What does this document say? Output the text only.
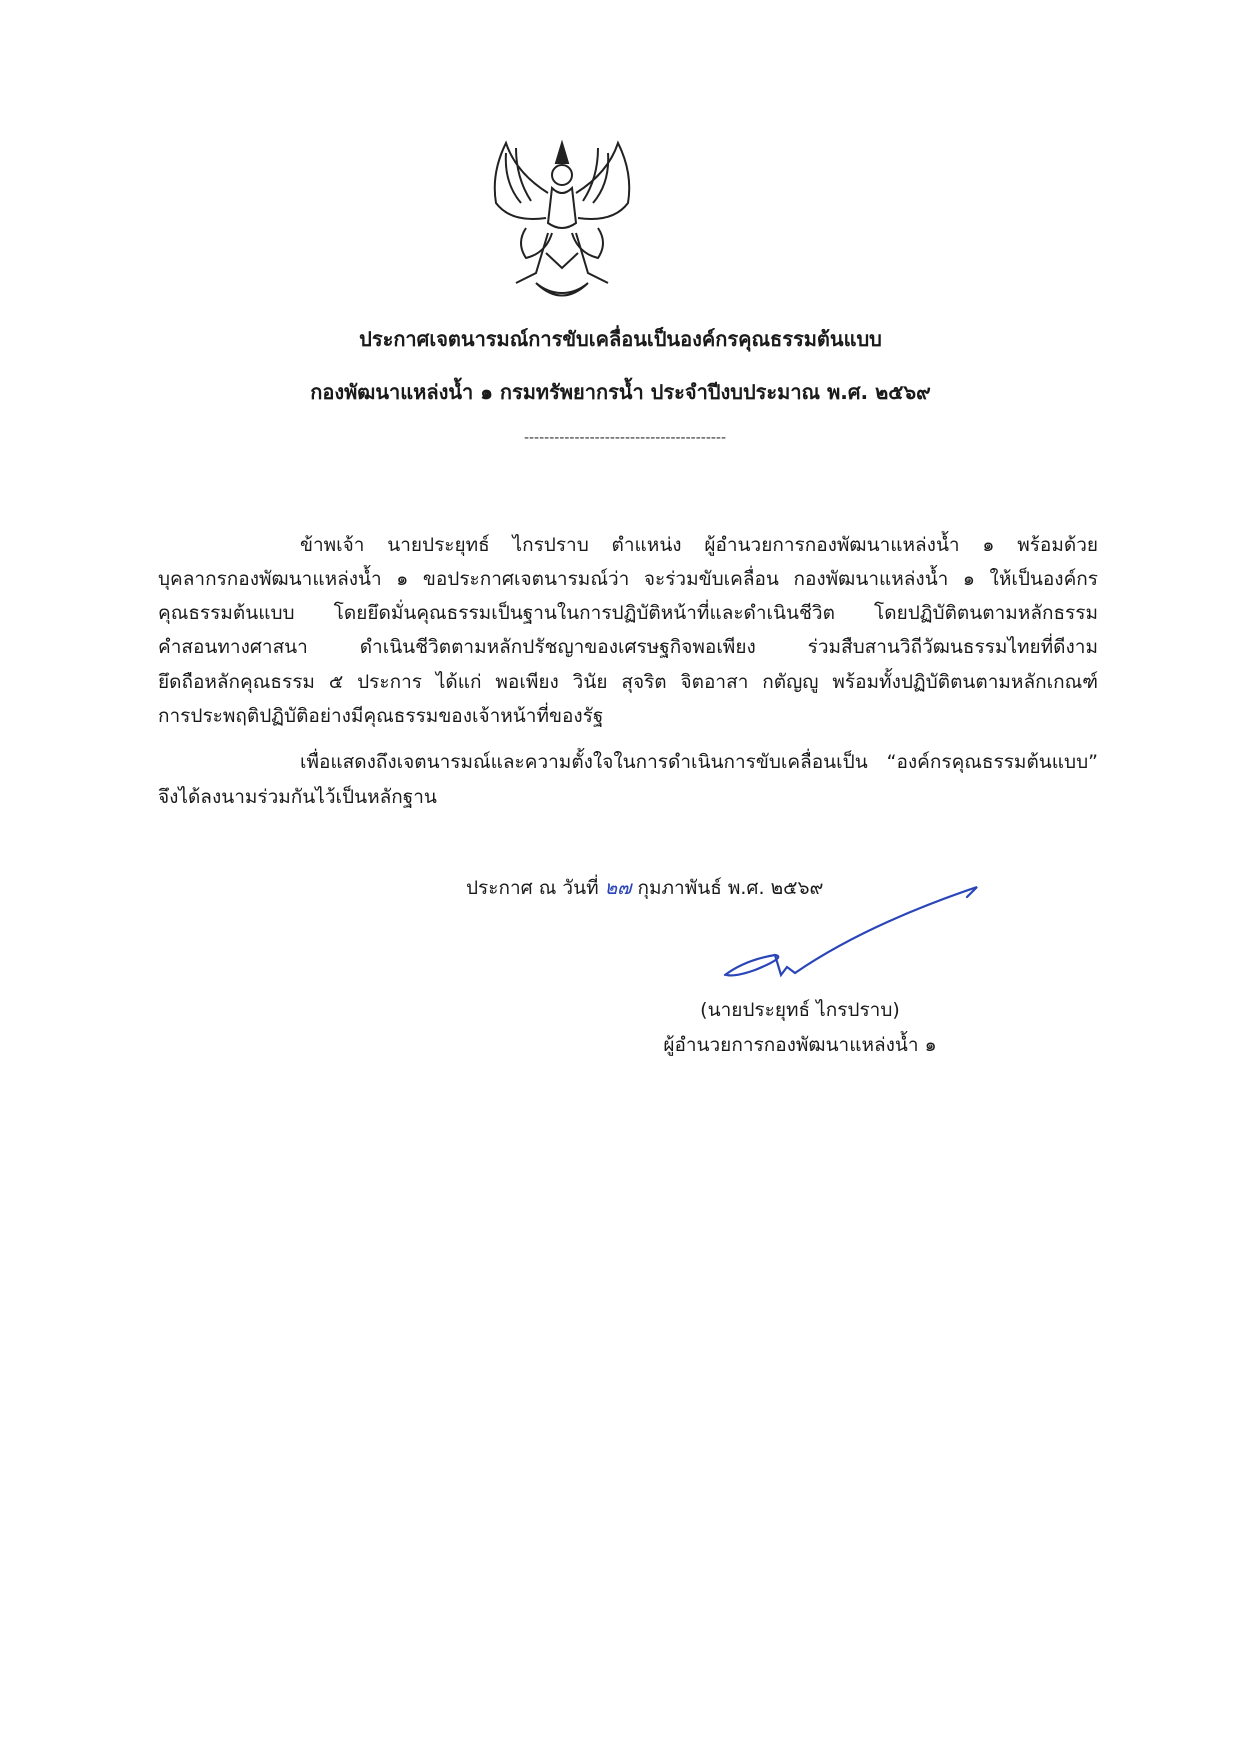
ประกาศเจตนารมณ์การขับเคลื่อนเป็นองค์กรคุณธรรมต้นแบบ
กองพัฒนาแหล่งน้ำ ๑ กรมทรัพยากรน้ำ ประจำปีงบประมาณ พ.ศ. ๒๕๖๙
----------------------------------------
ข้าพเจ้า นายประยุทธ์ ไกรปราบ ตำแหน่ง ผู้อำนวยการกองพัฒนาแหล่งน้ำ ๑ พร้อมด้วย
บุคลากรกองพัฒนาแหล่งน้ำ ๑ ขอประกาศเจตนารมณ์ว่า จะร่วมขับเคลื่อน กองพัฒนาแหล่งน้ำ ๑ ให้เป็นองค์กร
คุณธรรมต้นแบบ โดยยึดมั่นคุณธรรมเป็นฐานในการปฏิบัติหน้าที่และดำเนินชีวิต โดยปฏิบัติตนตามหลักธรรม
คำสอนทางศาสนา ดำเนินชีวิตตามหลักปรัชญาของเศรษฐกิจพอเพียง ร่วมสืบสานวิถีวัฒนธรรมไทยที่ดีงาม
ยึดถือหลักคุณธรรม ๕ ประการ ได้แก่ พอเพียง วินัย สุจริต จิตอาสา กตัญญู พร้อมทั้งปฏิบัติตนตามหลักเกณฑ์
การประพฤติปฏิบัติอย่างมีคุณธรรมของเจ้าหน้าที่ของรัฐ
เพื่อแสดงถึงเจตนารมณ์และความตั้งใจในการดำเนินการขับเคลื่อนเป็น “องค์กรคุณธรรมต้นแบบ”
จึงได้ลงนามร่วมกันไว้เป็นหลักฐาน
ประกาศ ณ วันที่ ๒๗ กุมภาพันธ์ พ.ศ. ๒๕๖๙
(นายประยุทธ์ ไกรปราบ)
ผู้อำนวยการกองพัฒนาแหล่งน้ำ ๑
